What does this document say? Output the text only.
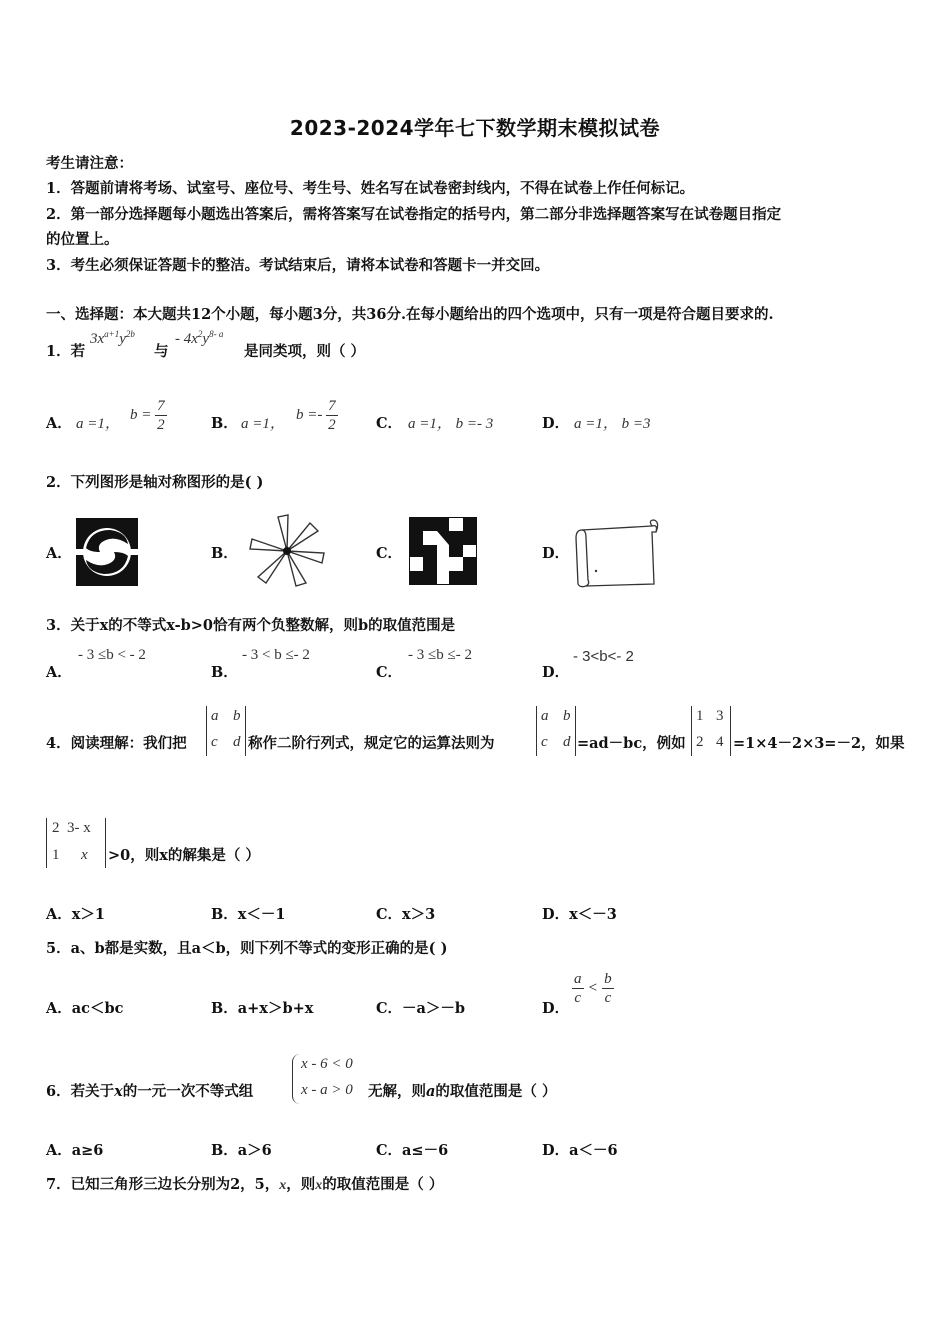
2023-2024学年七下数学期末模拟试卷
考生请注意：
1．答题前请将考场、试室号、座位号、考生号、姓名写在试卷密封线内，不得在试卷上作任何标记。
2．第一部分选择题每小题选出答案后，需将答案写在试卷指定的括号内，第二部分非选择题答案写在试卷题目指定
的位置上。
3．考生必须保证答题卡的整洁。考试结束后，请将本试卷和答题卡一并交回。
一、选择题：本大题共12个小题，每小题3分，共36分.在每小题给出的四个选项中，只有一项是符合题目要求的.
1．若
$3x^{a+1}y^{2b}$
与
- $4x^2y^{8- a}$
是同类项，则（ ）
A． a =1，
$b = \frac{7}{2}$	B． a =1，
$b =- \frac{7}{2}$	C． a =1， b =- 3	D． a =1， b =3
2．下列图形是轴对称图形的是( )
A．	B．	C．	D．
3．关于x的不等式x-b>0恰有两个负整数解，则b的取值范围是
A．
- 3 ≤b < - 2
B．
- 3 < b ≤- 2
C．
- 3 ≤b ≤- 2
D．
- 3<b<- 2
4．阅读理解：我们把
a b
c d 称作二阶行列式，规定它的运算法则为
a b
c d =ad－bc，例如
1 3
2 4 =1×4－2×3=－2，如果
2 3- x
1 x >0，则x的解集是（ ）
A．x＞1	B．x＜－1	C．x＞3	D．x＜－3
5．a、b都是实数，且a＜b，则下列不等式的变形正确的是( )
A．ac＜bc	B．a+x＞b+x	C．－a＞－b	D．
$\frac{a}{c} < \frac{b}{c}$
6．若关于x的一元一次不等式组
x - 6 < 0
x - a > 0 无解，则a的取值范围是（ ）
A．a≥6	B．a＞6	C．a≤－6	D．a＜－6
7．已知三角形三边长分别为2，5，x，则x的取值范围是（ ）
